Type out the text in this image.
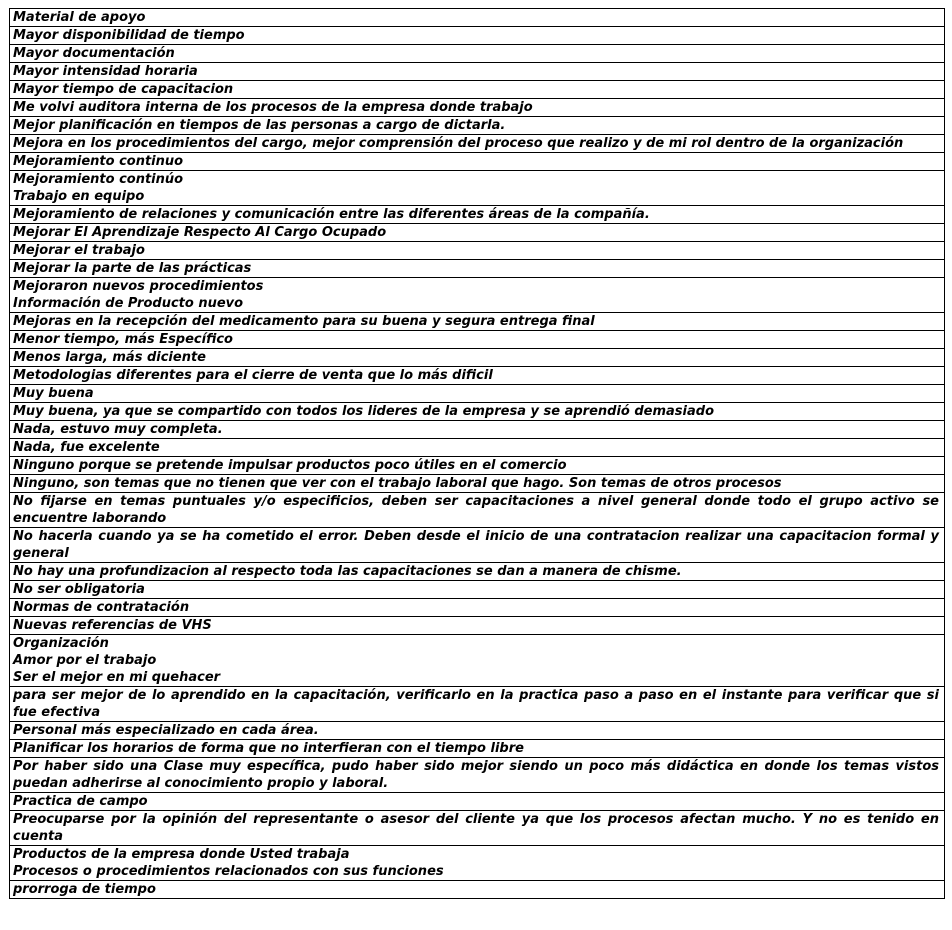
Material de apoyo
Mayor disponibilidad de tiempo
Mayor documentación
Mayor intensidad horaria
Mayor tiempo de capacitacion
Me volvi auditora interna de los procesos de la empresa donde trabajo
Mejor planificación en tiempos de las personas a cargo de dictarla.
Mejora en los procedimientos del cargo, mejor comprensión del proceso que realizo y de mi rol dentro de la organización
Mejoramiento continuo
Mejoramiento continúo
Trabajo en equipo
Mejoramiento de relaciones y comunicación entre las diferentes áreas de la compañía.
Mejorar El Aprendizaje Respecto Al Cargo Ocupado
Mejorar el trabajo
Mejorar la parte de las prácticas
Mejoraron nuevos procedimientos
Información de Producto nuevo
Mejoras en la recepción del medicamento para su buena y segura entrega final
Menor tiempo, más Específico
Menos larga, más diciente
Metodologias diferentes para el cierre de venta que lo más dificil
Muy buena
Muy buena, ya que se compartido con todos los lideres de la empresa y se aprendió demasiado
Nada, estuvo muy completa.
Nada, fue excelente
Ninguno porque se pretende impulsar productos poco útiles en el comercio
Ninguno, son temas que no tienen que ver con el trabajo laboral que hago. Son temas de otros procesos
No fijarse en temas puntuales y/o especificios, deben ser capacitaciones a nivel general donde todo el grupo activo se encuentre laborando
No hacerla cuando ya se ha cometido el error. Deben desde el inicio de una contratacion realizar una capacitacion formal y general
No hay una profundizacion al respecto toda las capacitaciones se dan a manera de chisme.
No ser obligatoria
Normas de contratación
Nuevas referencias de VHS
Organización
Amor por el trabajo
Ser el mejor en mi quehacer
para ser mejor de lo aprendido en la capacitación, verificarlo en la practica paso a paso en el instante para verificar que si fue efectiva
Personal más especializado en cada área.
Planificar los horarios de forma que no interfieran con el tiempo libre
Por haber sido una Clase muy específica, pudo haber sido mejor siendo un poco más didáctica en donde los temas vistos puedan adherirse al conocimiento propio y laboral.
Practica de campo
Preocuparse por la opinión del representante o asesor del cliente ya que los procesos afectan mucho. Y no es tenido en cuenta
Productos de la empresa donde Usted trabaja
Procesos o procedimientos relacionados con sus funciones
prorroga de tiempo
